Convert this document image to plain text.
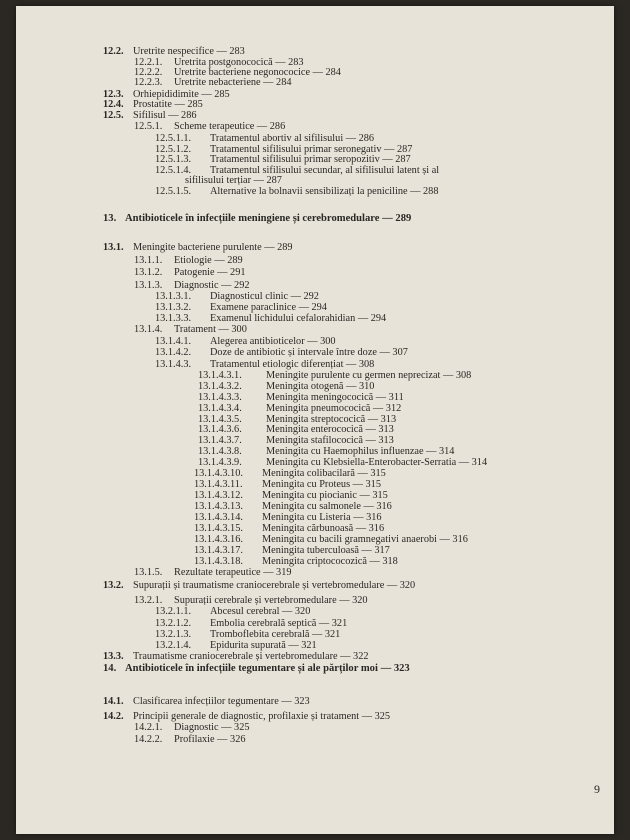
12.2. Uretrite nespecifice — 283
12.2.1. Uretrita postgonococică — 283
12.2.2. Uretrite bacteriene negonococice — 284
12.2.3. Uretrite nebacteriene — 284
12.3. Orhiepididimite — 285
12.4. Prostatite — 285
12.5. Sifilisul — 286
12.5.1. Scheme terapeutice — 286
12.5.1.1. Tratamentul abortiv al sifilisului — 286
12.5.1.2. Tratamentul sifilisului primar seronegativ — 287
12.5.1.3. Tratamentul sifilisului primar seropozitiv — 287
12.5.1.4. Tratamentul sifilisului secundar, al sifilisului latent și al
sifilisului terțiar — 287
12.5.1.5. Alternative la bolnavii sensibilizați la peniciline — 288
13. Antibioticele în infecțiile meningiene și cerebromedulare — 289
13.1. Meningite bacteriene purulente — 289
13.1.1. Etiologie — 289
13.1.2. Patogenie — 291
13.1.3. Diagnostic — 292
13.1.3.1. Diagnosticul clinic — 292
13.1.3.2. Examene paraclinice — 294
13.1.3.3. Examenul lichidului cefalorahidian — 294
13.1.4. Tratament — 300
13.1.4.1. Alegerea antibioticelor — 300
13.1.4.2. Doze de antibiotic și intervale între doze — 307
13.1.4.3. Tratamentul etiologic diferențiat — 308
13.1.4.3.1. Meningite purulente cu germen neprecizat — 308
13.1.4.3.2. Meningita otogenă — 310
13.1.4.3.3. Meningita meningococică — 311
13.1.4.3.4. Meningita pneumococică — 312
13.1.4.3.5. Meningita streptococică — 313
13.1.4.3.6. Meningita enterococică — 313
13.1.4.3.7. Meningita stafilococică — 313
13.1.4.3.8. Meningita cu Haemophilus influenzae — 314
13.1.4.3.9. Meningita cu Klebsiella-Enterobacter-Serratia — 314
13.1.4.3.10. Meningita colibacilară — 315
13.1.4.3.11. Meningita cu Proteus — 315
13.1.4.3.12. Meningita cu piocianic — 315
13.1.4.3.13. Meningita cu salmonele — 316
13.1.4.3.14. Meningita cu Listeria — 316
13.1.4.3.15. Meningita cărbunoasă — 316
13.1.4.3.16. Meningita cu bacili gramnegativi anaerobi — 316
13.1.4.3.17. Meningita tuberculoasă — 317
13.1.4.3.18. Meningita criptococozică — 318
13.1.5. Rezultate terapeutice — 319
13.2. Supurații și traumatisme craniocerebrale și vertebromedulare — 320
13.2.1. Supurații cerebrale și vertebromedulare — 320
13.2.1.1. Abcesul cerebral — 320
13.2.1.2. Embolia cerebrală septică — 321
13.2.1.3. Tromboflebita cerebrală — 321
13.2.1.4. Epidurita supurată — 321
13.3. Traumatisme craniocerebrale și vertebromedulare — 322
14. Antibioticele în infecțiile tegumentare și ale părților moi — 323
14.1. Clasificarea infecțiilor tegumentare — 323
14.2. Principii generale de diagnostic, profilaxie și tratament — 325
14.2.1. Diagnostic — 325
14.2.2. Profilaxie — 326
9
